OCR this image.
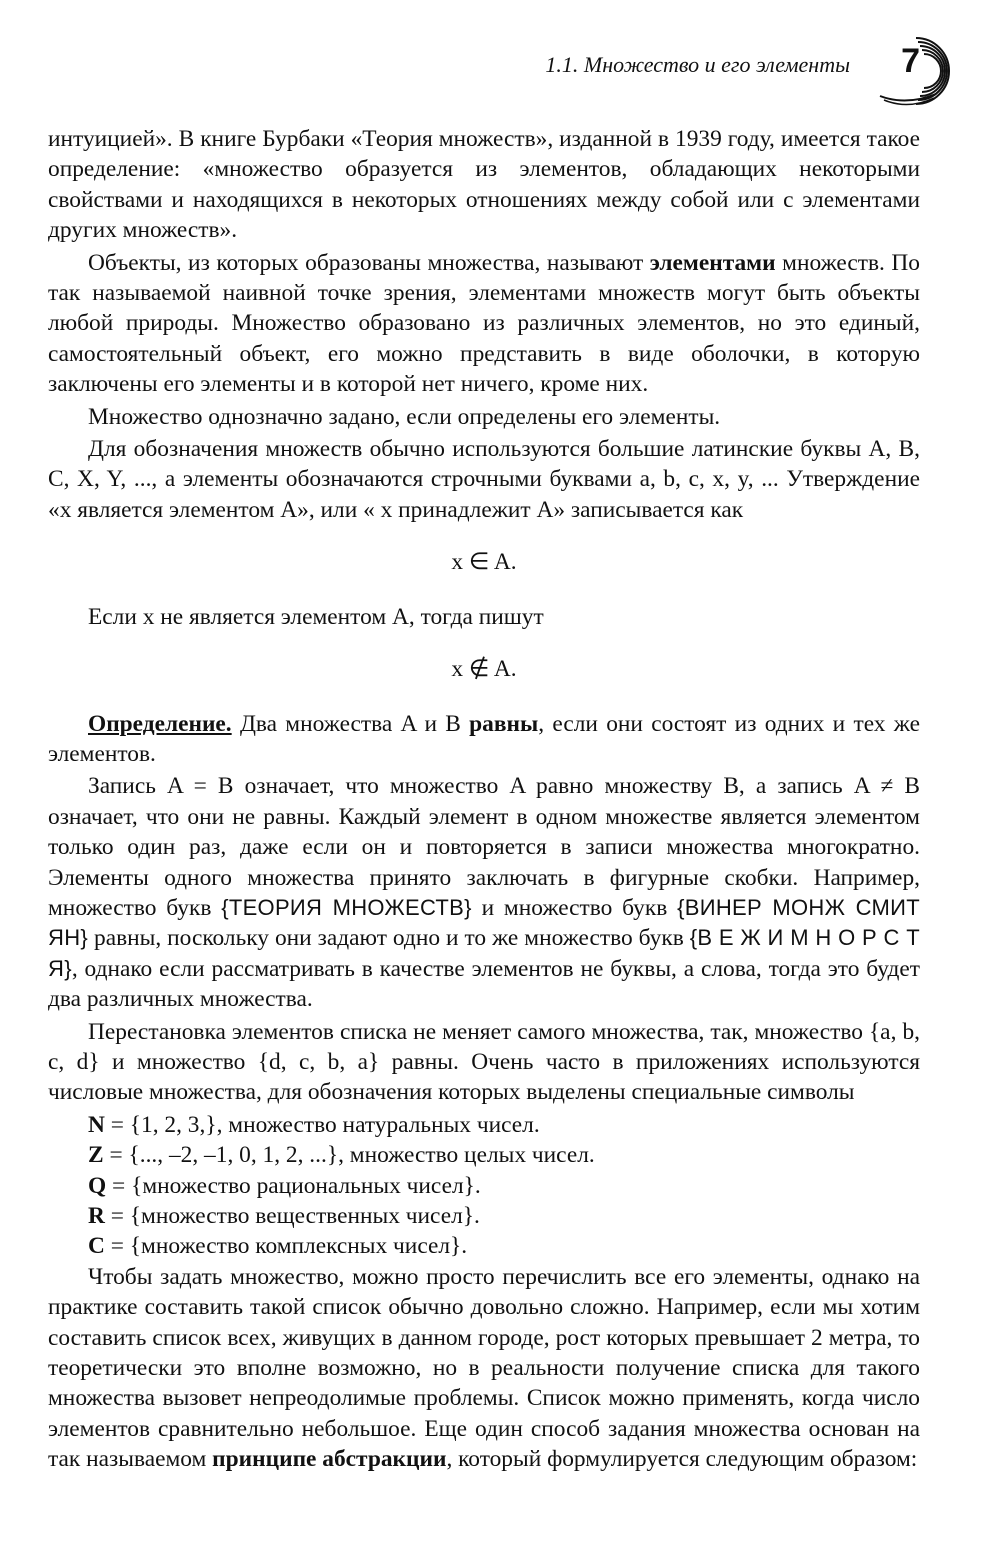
1.1. Множество и его элементы 7

интуицией». В книге Бурбаки «Теория множеств», изданной в 1939 году, имеется такое определение: «множество образуется из элементов, обладающих некоторыми свойствами и находящихся в некоторых отношениях между собой или с элементами других множеств».

Объекты, из которых образованы множества, называют элементами множеств. По так называемой наивной точке зрения, элементами множеств могут быть объекты любой природы. Множество образовано из различных элементов, но это единый, самостоятельный объект, его можно представить в виде оболочки, в которую заключены его элементы и в которой нет ничего, кроме них.

Множество однозначно задано, если определены его элементы.

Для обозначения множеств обычно используются большие латинские буквы A, B, C, X, Y, ..., а элементы обозначаются строчными буквами a, b, c, x, y, ... Утверждение «x является элементом A», или « x принадлежит A» записывается как

x ∈ A.

Если x не является элементом A, тогда пишут

x ∉ A.

Определение. Два множества A и B равны, если они состоят из одних и тех же элементов.

Запись A = B означает, что множество A равно множеству B, а запись A ≠ B означает, что они не равны. Каждый элемент в одном множестве является элементом только один раз, даже если он и повторяется в записи множества многократно. Элементы одного множества принято заключать в фигурные скобки. Например, множество букв {ТЕОРИЯ МНОЖЕСТВ} и множество букв {ВИНЕР МОНЖ СМИТ ЯН} равны, поскольку они задают одно и то же множество букв {В Е Ж И М Н О Р С Т Я}, однако если рассматривать в качестве элементов не буквы, а слова, тогда это будет два различных множества.

Перестановка элементов списка не меняет самого множества, так, множество {a, b, c, d} и множество {d, c, b, a} равны. Очень часто в приложениях используются числовые множества, для обозначения которых выделены специальные символы

N = {1, 2, 3,}, множество натуральных чисел.

Z = {..., –2, –1, 0, 1, 2, ...}, множество целых чисел.

Q = {множество рациональных чисел}.

R = {множество вещественных чисел}.

C = {множество комплексных чисел}.

Чтобы задать множество, можно просто перечислить все его элементы, однако на практике составить такой список обычно довольно сложно. Например, если мы хотим составить список всех, живущих в данном городе, рост которых превышает 2 метра, то теоретически это вполне возможно, но в реальности получение списка для такого множества вызовет непреодолимые проблемы. Список можно применять, когда число элементов сравнительно небольшое. Еще один способ задания множества основан на так называемом принципе абстракции, который формулируется следующим образом:
